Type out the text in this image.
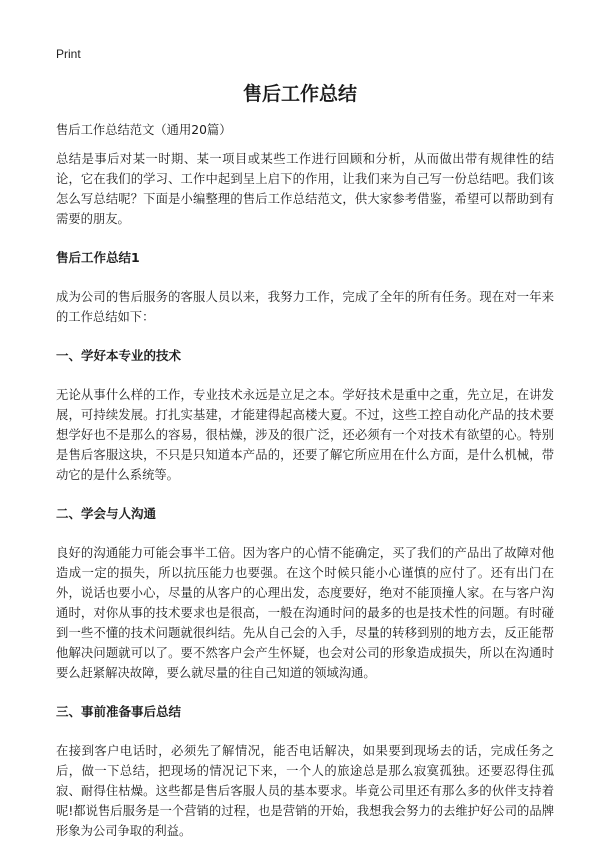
Print
售后工作总结

售后工作总结范文（通用20篇）

总结是事后对某一时期、某一项目或某些工作进行回顾和分析，从而做出带有规律性的结论，它在我们的学习、工作中起到呈上启下的作用，让我们来为自己写一份总结吧。我们该怎么写总结呢？下面是小编整理的售后工作总结范文，供大家参考借鉴，希望可以帮助到有需要的朋友。

售后工作总结1

成为公司的售后服务的客服人员以来，我努力工作，完成了全年的所有任务。现在对一年来的工作总结如下：

一、学好本专业的技术

无论从事什么样的工作，专业技术永远是立足之本。学好技术是重中之重，先立足，在讲发展，可持续发展。打扎实基建，才能建得起高楼大夏。不过，这些工控自动化产品的技术要想学好也不是那么的容易，很枯燥，涉及的很广泛，还必须有一个对技术有欲望的心。特别是售后客服这块，不只是只知道本产品的，还要了解它所应用在什么方面，是什么机械，带动它的是什么系统等。

二、学会与人沟通

良好的沟通能力可能会事半工倍。因为客户的心情不能确定，买了我们的产品出了故障对他造成一定的损失，所以抗压能力也要强。在这个时候只能小心谨慎的应付了。还有出门在外，说话也要小心，尽量的从客户的心理出发，态度要好，绝对不能顶撞人家。在与客户沟通时，对你从事的技术要求也是很高，一般在沟通时问的最多的也是技术性的问题。有时碰到一些不懂的技术问题就很纠结。先从自己会的入手，尽量的转移到别的地方去，反正能帮他解决问题就可以了。要不然客户会产生怀疑，也会对公司的形象造成损失，所以在沟通时要么赶紧解决故障，要么就尽量的往自己知道的领域沟通。

三、事前准备事后总结

在接到客户电话时，必须先了解情况，能否电话解决，如果要到现场去的话，完成任务之后，做一下总结，把现场的情况记下来，一个人的旅途总是那么寂寞孤独。还要忍得住孤寂、耐得住枯燥。这些都是售后客服人员的基本要求。毕竟公司里还有那么多的伙伴支持着呢!都说售后服务是一个营销的过程，也是营销的开始，我想我会努力的去维护好公司的品牌形象为公司争取的利益。
